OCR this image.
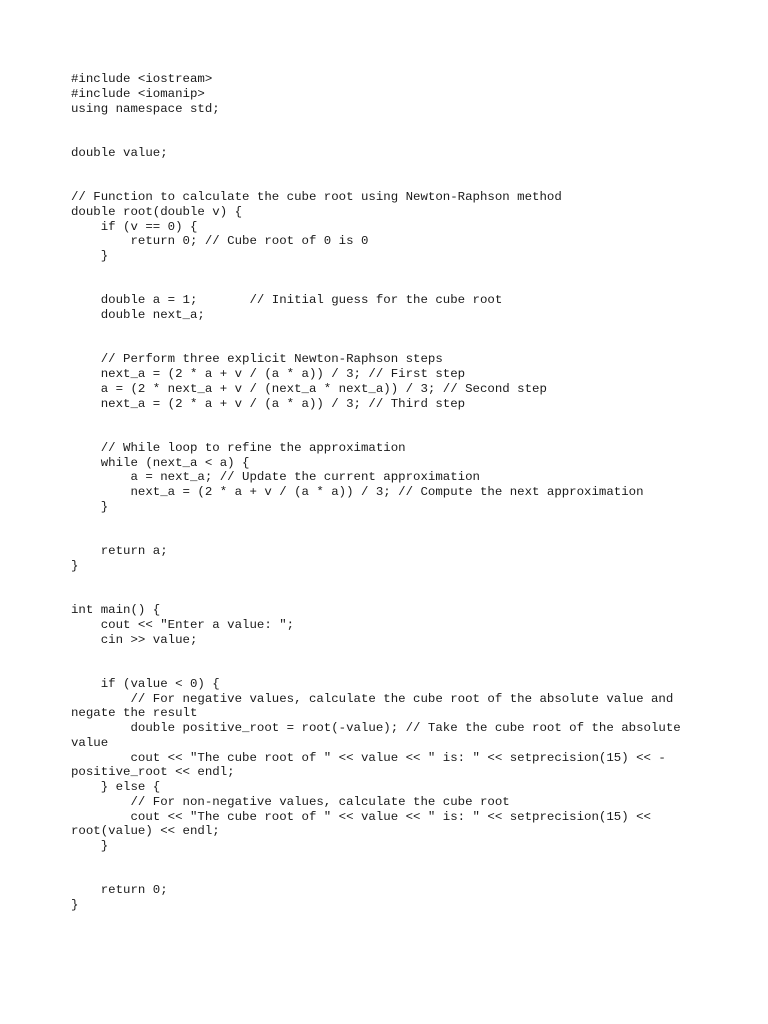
#include <iostream>
#include <iomanip>
using namespace std;
double value;
// Function to calculate the cube root using Newton-Raphson method
double root(double v) {
if (v == 0) {
return 0; // Cube root of 0 is 0
}
double a = 1;       // Initial guess for the cube root
double next_a;
// Perform three explicit Newton-Raphson steps
next_a = (2 * a + v / (a * a)) / 3; // First step
a = (2 * next_a + v / (next_a * next_a)) / 3; // Second step
next_a = (2 * a + v / (a * a)) / 3; // Third step
// While loop to refine the approximation
while (next_a < a) {
a = next_a; // Update the current approximation
next_a = (2 * a + v / (a * a)) / 3; // Compute the next approximation
}
return a;
}
int main() {
cout << "Enter a value: ";
cin >> value;
if (value < 0) {
// For negative values, calculate the cube root of the absolute value and
negate the result
double positive_root = root(-value); // Take the cube root of the absolute
value
cout << "The cube root of " << value << " is: " << setprecision(15) << -
positive_root << endl;
} else {
// For non-negative values, calculate the cube root
cout << "The cube root of " << value << " is: " << setprecision(15) <<
root(value) << endl;
}
return 0;
}
